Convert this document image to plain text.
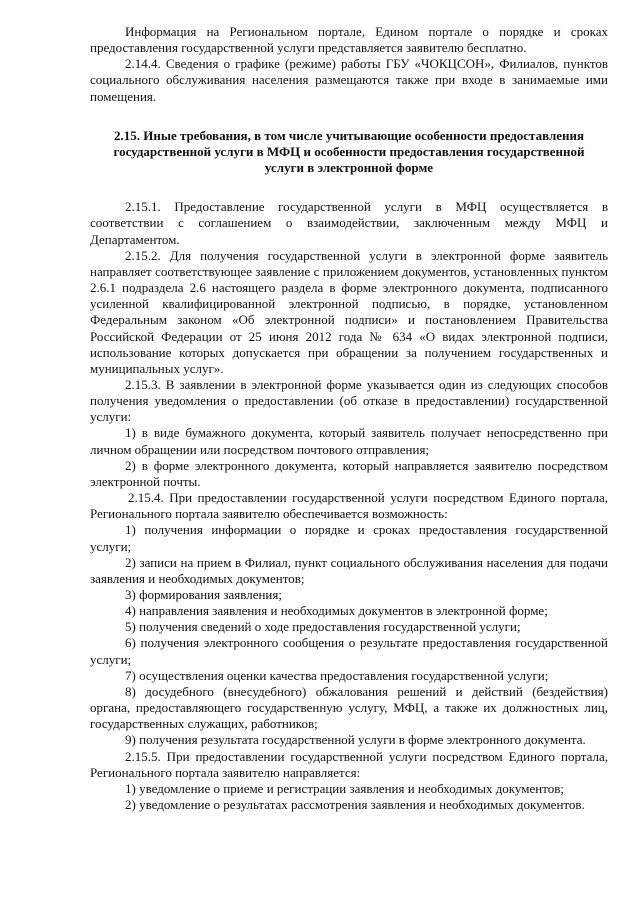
Информация на Региональном портале, Едином портале о порядке и сроках предоставления государственной услуги представляется заявителю бесплатно.

2.14.4. Сведения о графике (режиме) работы ГБУ «ЧОКЦСОН», Филиалов, пунктов социального обслуживания населения размещаются также при входе в занимаемые ими помещения.

2.15. Иные требования, в том числе учитывающие особенности предоставления государственной услуги в МФЦ и особенности предоставления государственной услуги в электронной форме

2.15.1. Предоставление государственной услуги в МФЦ осуществляется в соответствии с соглашением о взаимодействии, заключенным между МФЦ и Департаментом.

2.15.2. Для получения государственной услуги в электронной форме заявитель направляет соответствующее заявление с приложением документов, установленных пунктом 2.6.1 подраздела 2.6 настоящего раздела в форме электронного документа, подписанного усиленной квалифицированной электронной подписью, в порядке, установленном Федеральным законом «Об электронной подписи» и постановлением Правительства Российской Федерации от 25 июня 2012 года № 634 «О видах электронной подписи, использование которых допускается при обращении за получением государственных и муниципальных услуг».

2.15.3. В заявлении в электронной форме указывается один из следующих способов получения уведомления о предоставлении (об отказе в предоставлении) государственной услуги:

1) в виде бумажного документа, который заявитель получает непосредственно при личном обращении или посредством почтового отправления;

2) в форме электронного документа, который направляется заявителю посредством электронной почты.

2.15.4. При предоставлении государственной услуги посредством Единого портала, Регионального портала заявителю обеспечивается возможность:

1) получения информации о порядке и сроках предоставления государственной услуги;

2) записи на прием в Филиал, пункт социального обслуживания населения для подачи заявления и необходимых документов;

3) формирования заявления;

4) направления заявления и необходимых документов в электронной форме;

5) получения сведений о ходе предоставления государственной услуги;

6) получения электронного сообщения о результате предоставления государственной услуги;

7) осуществления оценки качества предоставления государственной услуги;

8) досудебного (внесудебного) обжалования решений и действий (бездействия) органа, предоставляющего государственную услугу, МФЦ, а также их должностных лиц, государственных служащих, работников;

9) получения результата государственной услуги в форме электронного документа.

2.15.5. При предоставлении государственной услуги посредством Единого портала, Регионального портала заявителю направляется:

1) уведомление о приеме и регистрации заявления и необходимых документов;

2) уведомление о результатах рассмотрения заявления и необходимых документов.
